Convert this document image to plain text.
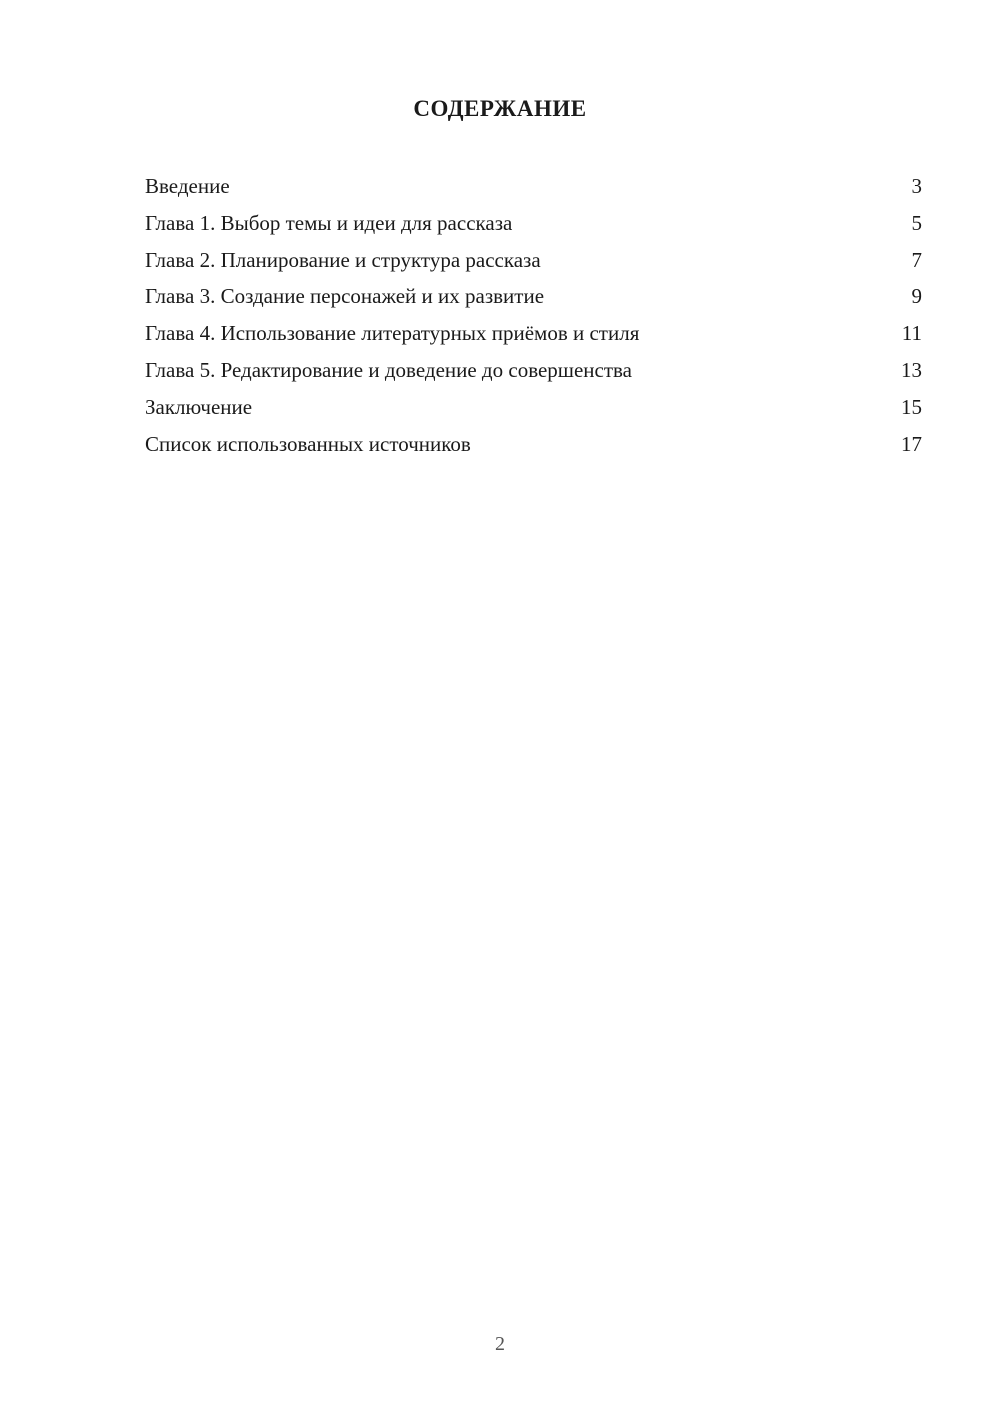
СОДЕРЖАНИЕ
Введение	3
Глава 1. Выбор темы и идеи для рассказа	5
Глава 2. Планирование и структура рассказа	7
Глава 3. Создание персонажей и их развитие	9
Глава 4. Использование литературных приёмов и стиля	11
Глава 5. Редактирование и доведение до совершенства	13
Заключение	15
Список использованных источников	17
2
